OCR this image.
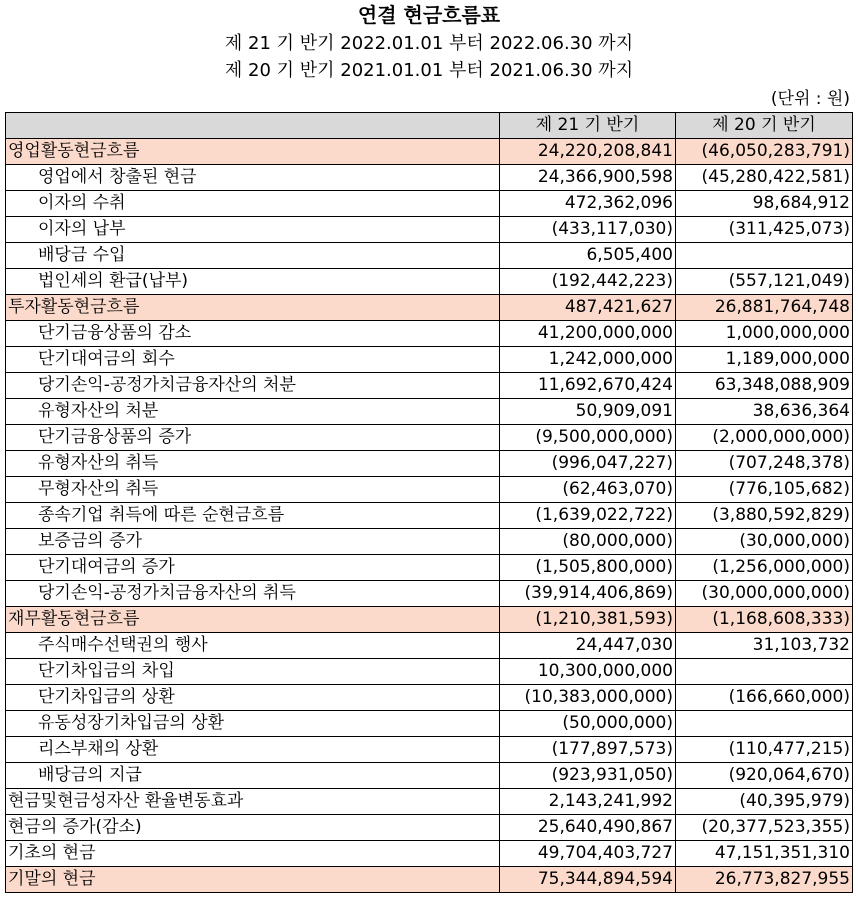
연결 현금흐름표
제 21 기 반기 2022.01.01 부터 2022.06.30 까지
제 20 기 반기 2021.01.01 부터 2021.06.30 까지
(단위 : 원)
	제 21 기 반기	제 20 기 반기
영업활동현금흐름	24,220,208,841	(46,050,283,791)
영업에서 창출된 현금	24,366,900,598	(45,280,422,581)
이자의 수취	472,362,096	98,684,912
이자의 납부	(433,117,030)	(311,425,073)
배당금 수입	6,505,400	
법인세의 환급(납부)	(192,442,223)	(557,121,049)
투자활동현금흐름	487,421,627	26,881,764,748
단기금융상품의 감소	41,200,000,000	1,000,000,000
단기대여금의 회수	1,242,000,000	1,189,000,000
당기손익-공정가치금융자산의 처분	11,692,670,424	63,348,088,909
유형자산의 처분	50,909,091	38,636,364
단기금융상품의 증가	(9,500,000,000)	(2,000,000,000)
유형자산의 취득	(996,047,227)	(707,248,378)
무형자산의 취득	(62,463,070)	(776,105,682)
종속기업 취득에 따른 순현금흐름	(1,639,022,722)	(3,880,592,829)
보증금의 증가	(80,000,000)	(30,000,000)
단기대여금의 증가	(1,505,800,000)	(1,256,000,000)
당기손익-공정가치금융자산의 취득	(39,914,406,869)	(30,000,000,000)
재무활동현금흐름	(1,210,381,593)	(1,168,608,333)
주식매수선택권의 행사	24,447,030	31,103,732
단기차입금의 차입	10,300,000,000	
단기차입금의 상환	(10,383,000,000)	(166,660,000)
유동성장기차입금의 상환	(50,000,000)	
리스부채의 상환	(177,897,573)	(110,477,215)
배당금의 지급	(923,931,050)	(920,064,670)
현금및현금성자산 환율변동효과	2,143,241,992	(40,395,979)
현금의 증가(감소)	25,640,490,867	(20,377,523,355)
기초의 현금	49,704,403,727	47,151,351,310
기말의 현금	75,344,894,594	26,773,827,955
